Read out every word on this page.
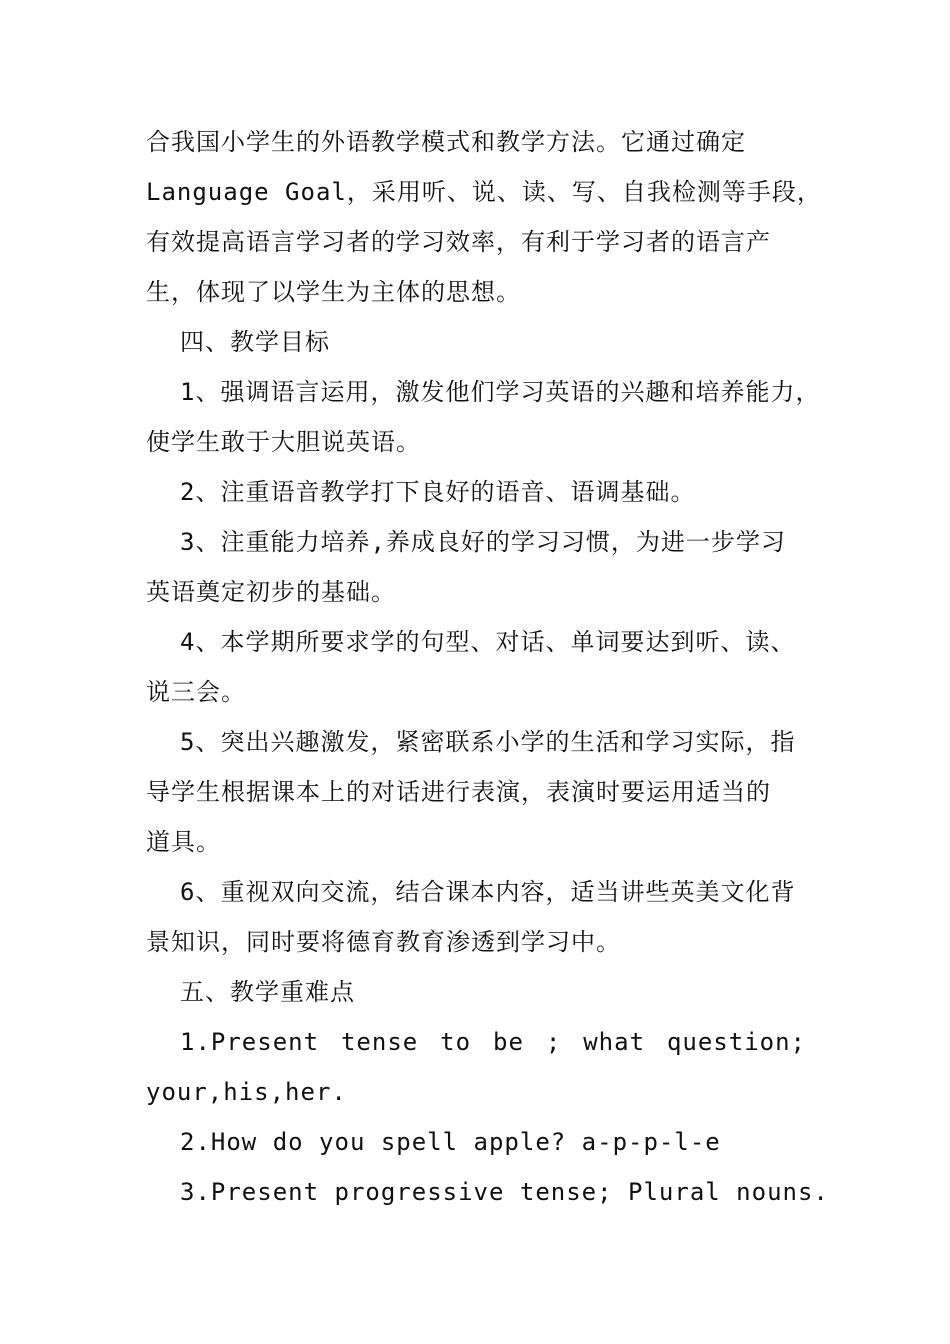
合我国小学生的外语教学模式和教学方法。它通过确定
Language Goal，采用听、说、读、写、自我检测等手段，
有效提高语言学习者的学习效率，有利于学习者的语言产
生，体现了以学生为主体的思想。
四、教学目标
1、强调语言运用，激发他们学习英语的兴趣和培养能力，
使学生敢于大胆说英语。
2、注重语音教学打下良好的语音、语调基础。
3、注重能力培养,养成良好的学习习惯，为进一步学习
英语奠定初步的基础。
4、本学期所要求学的句型、对话、单词要达到听、读、
说三会。
5、突出兴趣激发，紧密联系小学的生活和学习实际，指
导学生根据课本上的对话进行表演，表演时要运用适当的
道具。
6、重视双向交流，结合课本内容，适当讲些英美文化背
景知识，同时要将德育教育渗透到学习中。
五、教学重难点
1.Present tense to be ; what question;
your,his,her.
2.How do you spell apple? a-p-p-l-e
3.Present progressive tense; Plural nouns.
